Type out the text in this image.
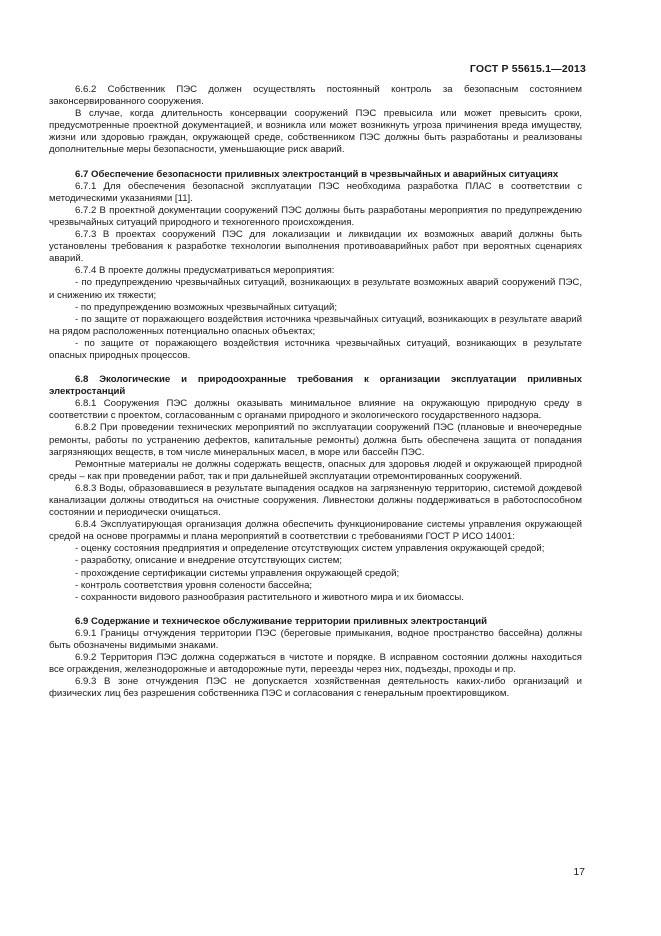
ГОСТ Р 55615.1—2013

6.6.2 Собственник ПЭС должен осуществлять постоянный контроль за безопасным состоянием законсервированного сооружения.

В случае, когда длительность консервации сооружений ПЭС превысила или может превысить сроки, предусмотренные проектной документацией, и возникла или может возникнуть угроза причинения вреда имуществу, жизни или здоровью граждан, окружающей среде, собственником ПЭС должны быть разработаны и реализованы дополнительные меры безопасности, уменьшающие риск аварий.

6.7 Обеспечение безопасности приливных электростанций в чрезвычайных и аварийных ситуациях

6.7.1 Для обеспечения безопасной эксплуатации ПЭС необходима разработка ПЛАС в соответствии с методическими указаниями [11].

6.7.2 В проектной документации сооружений ПЭС должны быть разработаны мероприятия по предупреждению чрезвычайных ситуаций природного и техногенного происхождения.

6.7.3 В проектах сооружений ПЭС для локализации и ликвидации их возможных аварий должны быть установлены требования к разработке технологии выполнения противоаварийных работ при вероятных сценариях аварий.

6.7.4 В проекте должны предусматриваться мероприятия:

- по предупреждению чрезвычайных ситуаций, возникающих в результате возможных аварий сооружений ПЭС, и снижению их тяжести;

- по предупреждению возможных чрезвычайных ситуаций;

- по защите от поражающего воздействия источника чрезвычайных ситуаций, возникающих в результате аварий на рядом расположенных потенциально опасных объектах;

- по защите от поражающего воздействия источника чрезвычайных ситуаций, возникающих в результате опасных природных процессов.

6.8 Экологические и природоохранные требования к организации эксплуатации приливных электростанций

6.8.1 Сооружения ПЭС должны оказывать минимальное влияние на окружающую природную среду в соответствии с проектом, согласованным с органами природного и экологического государственного надзора.

6.8.2 При проведении технических мероприятий по эксплуатации сооружений ПЭС (плановые и внеочередные ремонты, работы по устранению дефектов, капитальные ремонты) должна быть обеспечена защита от попадания загрязняющих веществ, в том числе минеральных масел, в море или бассейн ПЭС.

Ремонтные материалы не должны содержать веществ, опасных для здоровья людей и окружающей природной среды – как при проведении работ, так и при дальнейшей эксплуатации отремонтированных сооружений.

6.8.3 Воды, образовавшиеся в результате выпадения осадков на загрязненную территорию, системой дождевой канализации должны отводиться на очистные сооружения. Ливнестоки должны поддерживаться в работоспособном состоянии и периодически очищаться.

6.8.4 Эксплуатирующая организация должна обеспечить функционирование системы управления окружающей средой на основе программы и плана мероприятий в соответствии с требованиями ГОСТ Р ИСО 14001:

- оценку состояния предприятия и определение отсутствующих систем управления окружающей средой;

- разработку, описание и внедрение отсутствующих систем;

- прохождение сертификации системы управления окружающей средой;

- контроль соответствия уровня солености бассейна;

- сохранности видового разнообразия растительного и животного мира и их биомассы.

6.9 Содержание и техническое обслуживание территории приливных электростанций

6.9.1 Границы отчуждения территории ПЭС (береговые примыкания, водное пространство бассейна) должны быть обозначены видимыми знаками.

6.9.2 Территория ПЭС должна содержаться в чистоте и порядке. В исправном состоянии должны находиться все ограждения, железнодорожные и автодорожные пути, переезды через них, подъезды, проходы и пр.

6.9.3 В зоне отчуждения ПЭС не допускается хозяйственная деятельность каких-либо организаций и физических лиц без разрешения собственника ПЭС и согласования с генеральным проектировщиком.

17
